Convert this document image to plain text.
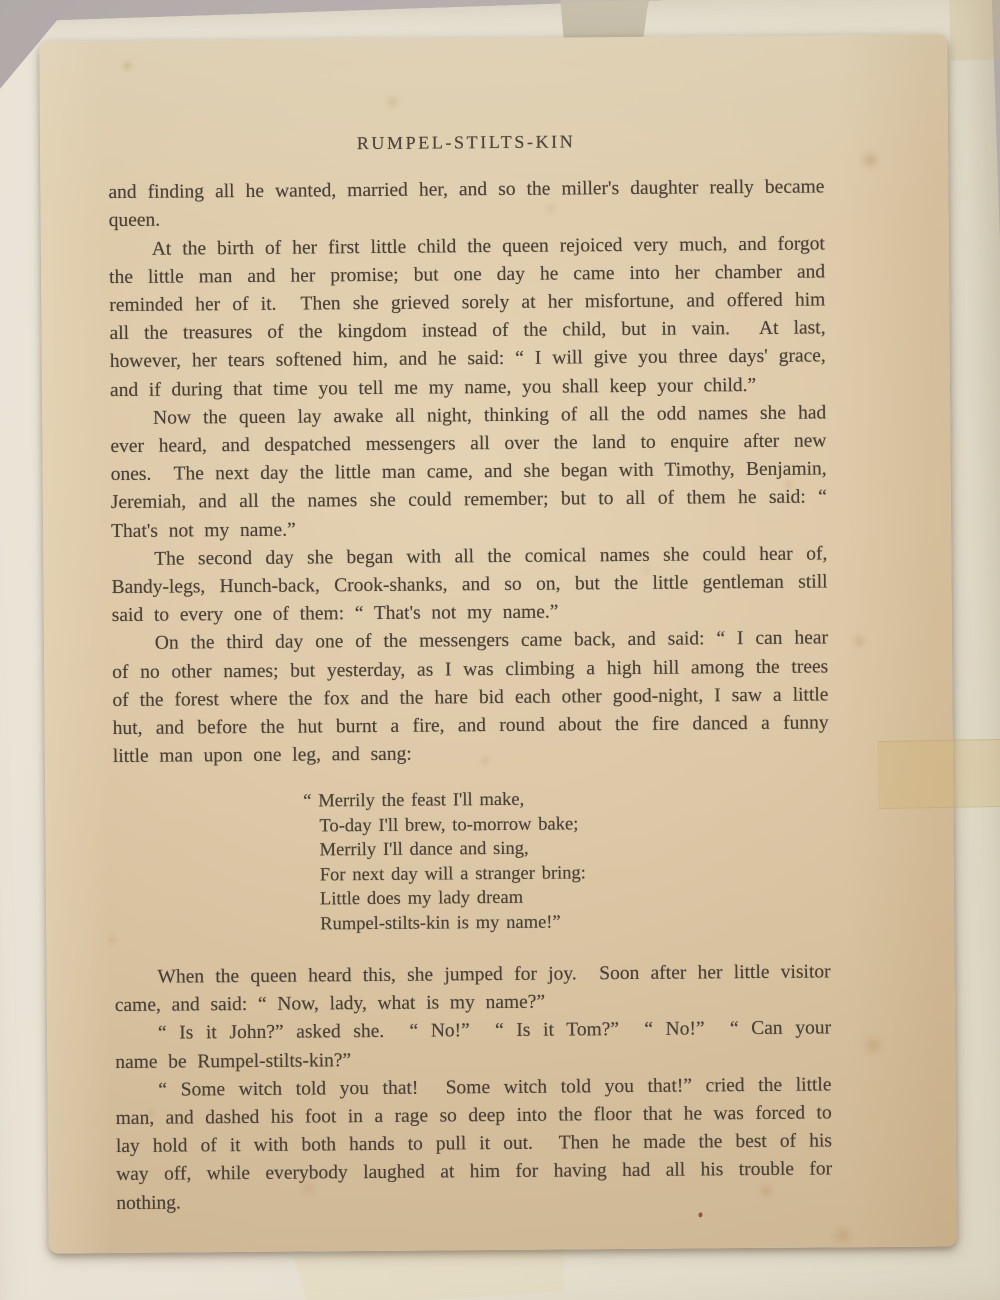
RUMPEL-STILTS-KIN

and finding all he wanted, married her, and so the miller's daughter really became queen.

At the birth of her first little child the queen rejoiced very much, and forgot the little man and her promise; but one day he came into her chamber and reminded her of it.  Then she grieved sorely at her misfortune, and offered him all the treasures of the kingdom instead of the child, but in vain.  At last, however, her tears softened him, and he said: “ I will give you three days' grace, and if during that time you tell me my name, you shall keep your child.”

Now the queen lay awake all night, thinking of all the odd names she had ever heard, and despatched messengers all over the land to enquire after new ones.  The next day the little man came, and she began with Timothy, Benjamin, Jeremiah, and all the names she could remember; but to all of them he said: “ That's not my name.”

The second day she began with all the comical names she could hear of, Bandy-legs, Hunch-back, Crook-shanks, and so on, but the little gentleman still said to every one of them: “ That's not my name.”

On the third day one of the messengers came back, and said: “ I can hear of no other names; but yesterday, as I was climbing a high hill among the trees of the forest where the fox and the hare bid each other good-night, I saw a little hut, and before the hut burnt a fire, and round about the fire danced a funny little man upon one leg, and sang:

“ Merrily the feast I'll make,
To-day I'll brew, to-morrow bake;
Merrily I'll dance and sing,
For next day will a stranger bring:
Little does my lady dream
Rumpel-stilts-kin is my name!”

When the queen heard this, she jumped for joy.  Soon after her little visitor came, and said: “ Now, lady, what is my name?”

“ Is it John?” asked she.  “ No!”  “ Is it Tom?”  “ No!”  “ Can your name be Rumpel-stilts-kin?”

“ Some witch told you that!  Some witch told you that!” cried the little man, and dashed his foot in a rage so deep into the floor that he was forced to lay hold of it with both hands to pull it out.  Then he made the best of his way off, while everybody laughed at him for having had all his trouble for nothing.
